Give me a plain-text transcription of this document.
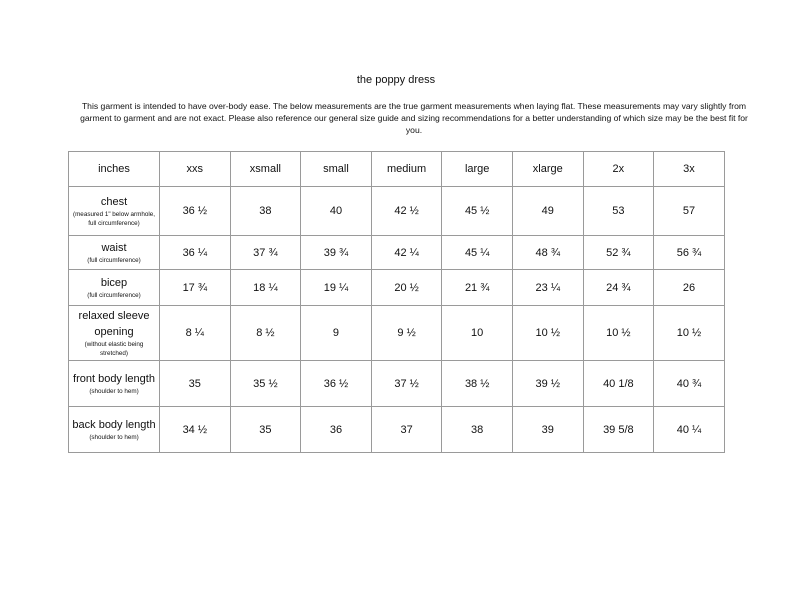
the poppy dress
This garment is intended to have over-body ease. The below measurements are the true garment measurements when laying flat. These measurements may vary slightly from garment to garment and are not exact. Please also reference our general size guide and sizing recommendations for a better understanding of which size may be the best fit for you.
inches	xxs	xsmall	small	medium	large	xlarge	2x	3x

chest
(measured 1" below armhole, full circumference)	36 ½	38	40	42 ½	45 ½	49	53	57

waist
(full circumference)	36 ¼	37 ¾	39 ¾	42 ¼	45 ¼	48 ¾	52 ¾	56 ¾

bicep
(full circumference)	17 ¾	18 ¼	19 ¼	20 ½	21 ¾	23 ¼	24 ¾	26

relaxed sleeve opening
(without elastic being stretched)	8 ¼	8 ½	9	9 ½	10	10 ½	10 ½	10 ½

front body length
(shoulder to hem)	35	35 ½	36 ½	37 ½	38 ½	39 ½	40 1/8	40 ¾

back body length
(shoulder to hem)	34 ½	35	36	37	38	39	39 5/8	40 ¼
